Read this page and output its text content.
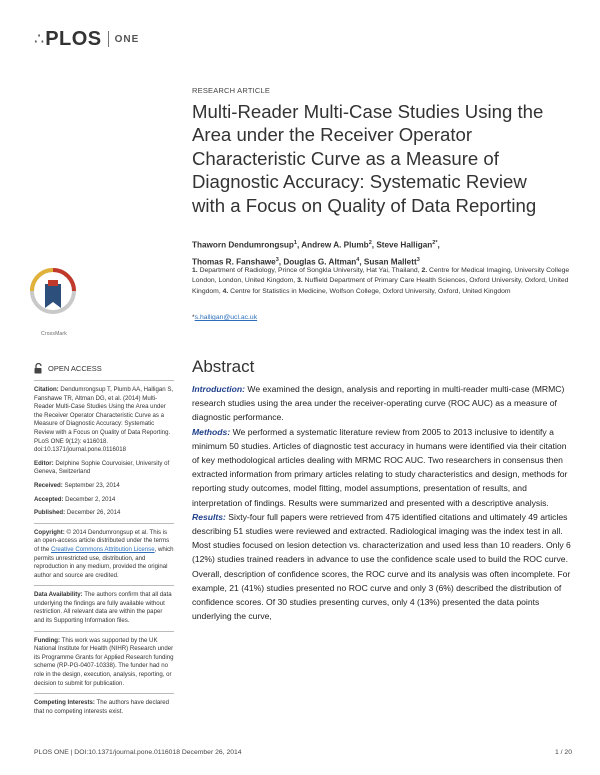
∴ PLOS ONE
RESEARCH ARTICLE
Multi-Reader Multi-Case Studies Using the
Area under the Receiver Operator
Characteristic Curve as a Measure of
Diagnostic Accuracy: Systematic Review
with a Focus on Quality of Data Reporting
Thaworn Dendumrongsup$^1$, Andrew A. Plumb$^2$, Steve Halligan$^{2*}$,
Thomas R. Fanshawe$^3$, Douglas G. Altman$^4$, Susan Mallett$^3$
1. Department of Radiology, Prince of Songkla University, Hat Yai, Thailand, 2. Centre for Medical Imaging, University College London, London, United Kingdom, 3. Nuffield Department of Primary Care Health Sciences, Oxford University, Oxford, United Kingdom, 4. Centre for Statistics in Medicine, Wolfson College, Oxford University, Oxford, United Kingdom
*s.halligan@ucl.ac.uk
CrossMark
OPEN ACCESS
Citation: Dendumrongsup T, Plumb AA, Halligan S, Fanshawe TR, Altman DG, et al. (2014) Multi-Reader Multi-Case Studies Using the Area under the Receiver Operator Characteristic Curve as a Measure of Diagnostic Accuracy: Systematic Review with a Focus on Quality of Data Reporting. PLoS ONE 9(12): e116018. doi:10.1371/journal.pone.0116018
Editor: Delphine Sophie Courvoisier, University of Geneva, Switzerland
Received: September 23, 2014
Accepted: December 2, 2014
Published: December 26, 2014
Copyright: © 2014 Dendumrongsup et al. This is an open-access article distributed under the terms of the Creative Commons Attribution License, which permits unrestricted use, distribution, and reproduction in any medium, provided the original author and source are credited.
Data Availability: The authors confirm that all data underlying the findings are fully available without restriction. All relevant data are within the paper and its Supporting Information files.
Funding: This work was supported by the UK National Institute for Health (NIHR) Research under its Programme Grants for Applied Research funding scheme (RP-PG-0407-10338). The funder had no role in the design, execution, analysis, reporting, or decision to submit for publication.
Competing Interests: The authors have declared that no competing interests exist.
Abstract

Introduction: We examined the design, analysis and reporting in multi-reader multi-case (MRMC) research studies using the area under the receiver-operating curve (ROC AUC) as a measure of diagnostic performance.

Methods: We performed a systematic literature review from 2005 to 2013 inclusive to identify a minimum 50 studies. Articles of diagnostic test accuracy in humans were identified via their citation of key methodological articles dealing with MRMC ROC AUC. Two researchers in consensus then extracted information from primary articles relating to study characteristics and design, methods for reporting study outcomes, model fitting, model assumptions, presentation of results, and interpretation of findings. Results were summarized and presented with a descriptive analysis.

Results: Sixty-four full papers were retrieved from 475 identified citations and ultimately 49 articles describing 51 studies were reviewed and extracted. Radiological imaging was the index test in all. Most studies focused on lesion detection vs. characterization and used less than 10 readers. Only 6 (12%) studies trained readers in advance to use the confidence scale used to build the ROC curve. Overall, description of confidence scores, the ROC curve and its analysis was often incomplete. For example, 21 (41%) studies presented no ROC curve and only 3 (6%) described the distribution of confidence scores. Of 30 studies presenting curves, only 4 (13%) presented the data points underlying the curve,

PLOS ONE | DOI:10.1371/journal.pone.0116018 December 26, 2014	1 / 20
